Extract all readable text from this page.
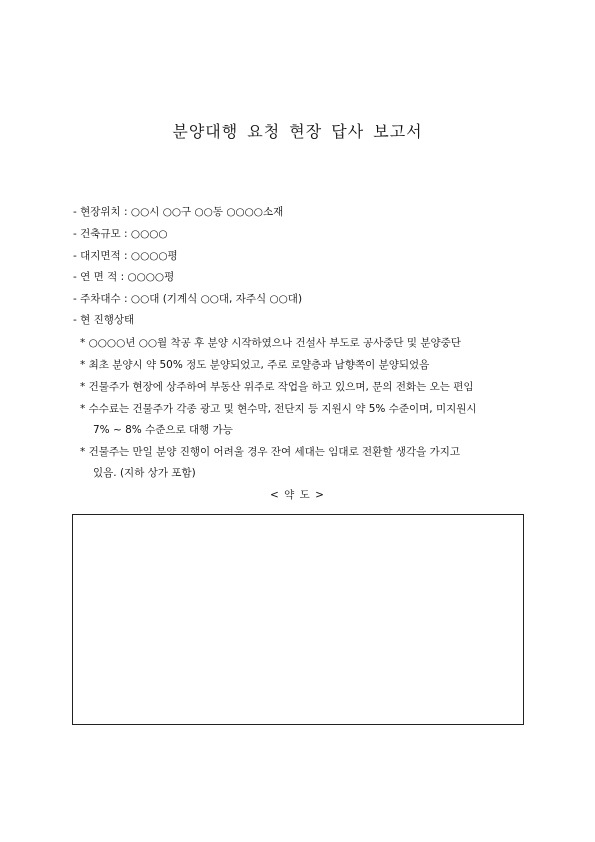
분양대행 요청 현장 답사 보고서
- 현장위치 : ○○시 ○○구 ○○동 ○○○○소재
- 건축규모 : ○○○○
- 대지면적 : ○○○○평
- 연 면 적 : ○○○○평
- 주차대수 : ○○대 (기계식 ○○대, 자주식 ○○대)
- 현 진행상태
* ○○○○년 ○○월 착공 후 분양 시작하였으나 건설사 부도로 공사중단 및 분양중단
* 최초 분양시 약 50% 정도 분양되었고, 주로 로얄층과 남향쪽이 분양되었음
* 건물주가 현장에 상주하여 부동산 위주로 작업을 하고 있으며, 문의 전화는 오는 편임
* 수수료는 건물주가 각종 광고 및 현수막, 전단지 등 지원시 약 5% 수준이며, 미지원시
7% ~ 8% 수준으로 대행 가능
* 건물주는 만일 분양 진행이 어려울 경우 잔여 세대는 임대로 전환할 생각을 가지고
있음. (지하 상가 포함)
< 약 도 >
